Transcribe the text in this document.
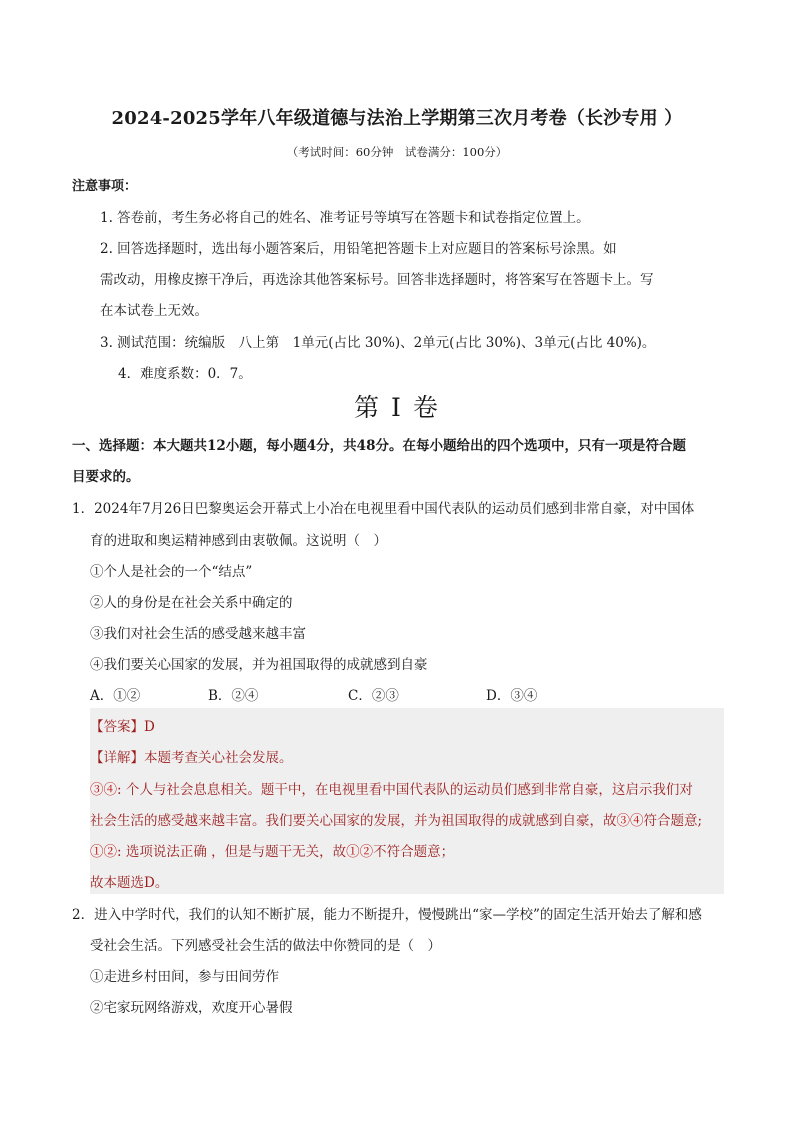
2024-2025学年八年级道德与法治上学期第三次月考卷（长沙专用 ）
（考试时间：60分钟　试卷满分：100分）
注意事项：
1. 答卷前，考生务必将自己的姓名、准考证号等填写在答题卡和试卷指定位置上。
2. 回答选择题时，选出每小题答案后，用铅笔把答题卡上对应题目的答案标号涂黑。如
需改动，用橡皮擦干净后，再选涂其他答案标号。回答非选择题时，将答案写在答题卡上。写
在本试卷上无效。
3. 测试范围：统编版　八上第　1单元(占比 30%)、2单元(占比 30%)、3单元(占比 40%)。
4．难度系数：0．7。
第 I 卷
一、选择题：本大题共12小题，每小题4分，共48分。在每小题给出的四个选项中，只有一项是符合题
目要求的。
1．2024年7月26日巴黎奥运会开幕式上小冶在电视里看中国代表队的运动员们感到非常自豪，对中国体
育的进取和奥运精神感到由衷敬佩。这说明（　）
①个人是社会的一个“结点”
②人的身份是在社会关系中确定的
③我们对社会生活的感受越来越丰富
④我们要关心国家的发展，并为祖国取得的成就感到自豪
A．①②	B．②④	C．②③	D．③④
【答案】D
【详解】本题考查关心社会发展。
③④: 个人与社会息息相关。题干中，在电视里看中国代表队的运动员们感到非常自豪，这启示我们对
社会生活的感受越来越丰富。我们要关心国家的发展，并为祖国取得的成就感到自豪，故③④符合题意;
①②: 选项说法正确 ，但是与题干无关，故①②不符合题意；
故本题选D。
2．进入中学时代，我们的认知不断扩展，能力不断提升，慢慢跳出“家—学校”的固定生活开始去了解和感
受社会生活。下列感受社会生活的做法中你赞同的是（　）
①走进乡村田间，参与田间劳作
②宅家玩网络游戏，欢度开心暑假
